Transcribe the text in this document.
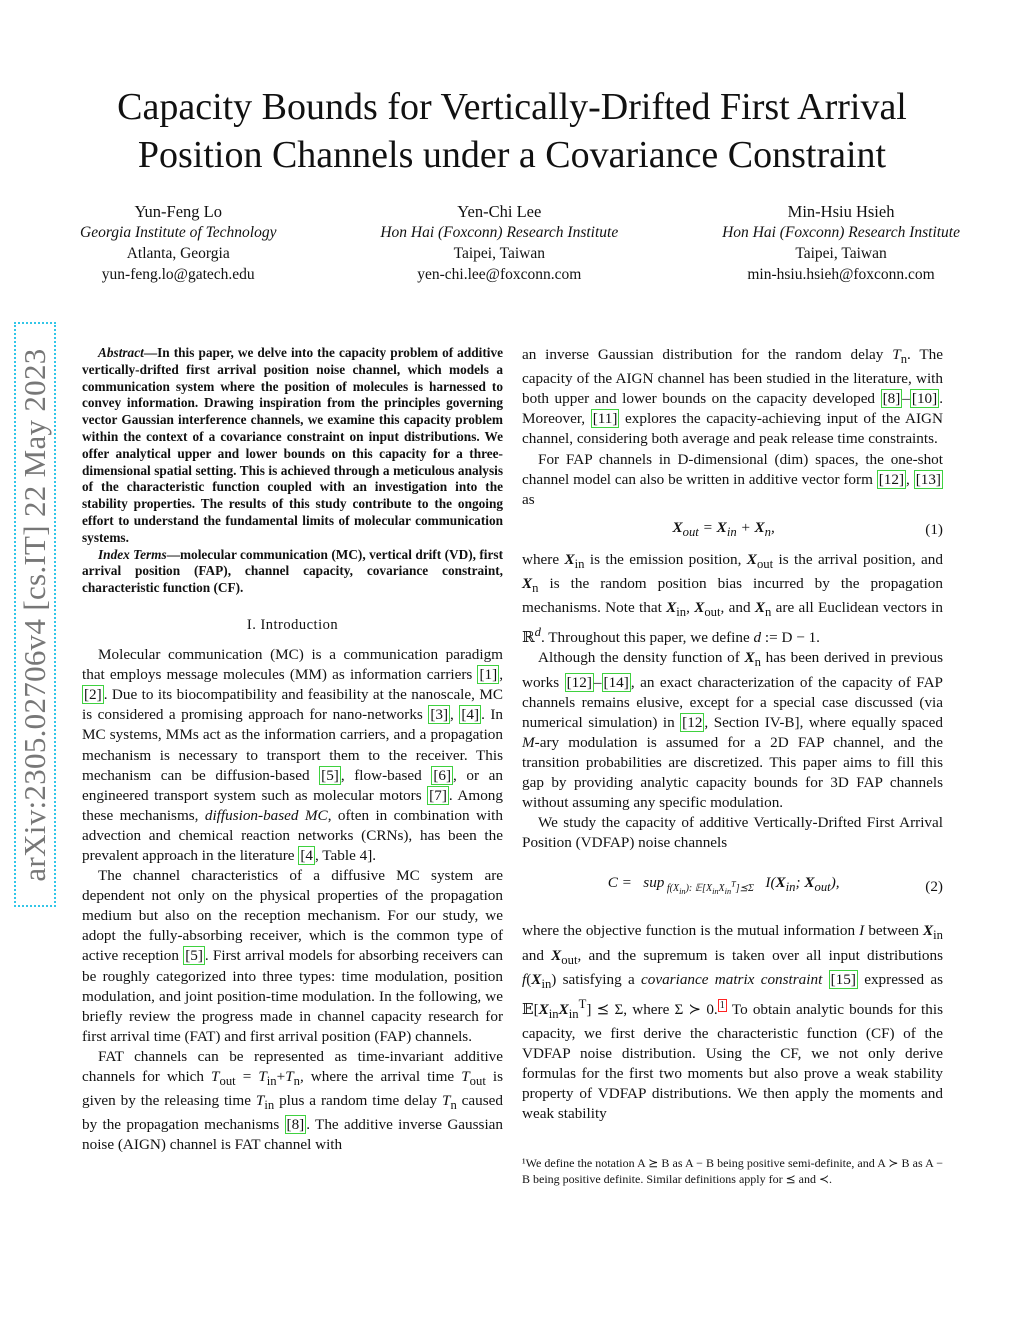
arXiv:2305.02706v4 [cs.IT] 22 May 2023
Capacity Bounds for Vertically-Drifted First Arrival
Position Channels under a Covariance Constraint
Yun-Feng Lo
Georgia Institute of Technology
Atlanta, Georgia
yun-feng.lo@gatech.edu
Yen-Chi Lee
Hon Hai (Foxconn) Research Institute
Taipei, Taiwan
yen-chi.lee@foxconn.com
Min-Hsiu Hsieh
Hon Hai (Foxconn) Research Institute
Taipei, Taiwan
min-hsiu.hsieh@foxconn.com

Abstract—In this paper, we delve into the capacity problem of additive vertically-drifted first arrival position noise channel, which models a communication system where the position of molecules is harnessed to convey information. Drawing inspiration from the principles governing vector Gaussian interference channels, we examine this capacity problem within the context of a covariance constraint on input distributions. We offer analytical upper and lower bounds on this capacity for a three-dimensional spatial setting. This is achieved through a meticulous analysis of the characteristic function coupled with an investigation into the stability properties. The results of this study contribute to the ongoing effort to understand the fundamental limits of molecular communication systems.

Index Terms—molecular communication (MC), vertical drift (VD), first arrival position (FAP), channel capacity, covariance constraint, characteristic function (CF).

I. Introduction

Molecular communication (MC) is a communication paradigm that employs message molecules (MM) as information carriers [1] , [2] . Due to its biocompatibility and feasibility at the nanoscale, MC is considered a promising approach for nano-networks [3] , [4] . In MC systems, MMs act as the information carriers, and a propagation mechanism is necessary to transport them to the receiver. This mechanism can be diffusion-based [5] , flow-based [6] , or an engineered transport system such as molecular motors [7] . Among these mechanisms, diffusion-based MC, often in combination with advection and chemical reaction networks (CRNs), has been the prevalent approach in the literature [4 , Table 4].

The channel characteristics of a diffusive MC system are dependent not only on the physical properties of the propagation medium but also on the reception mechanism. For our study, we adopt the fully-absorbing receiver, which is the common type of active reception [5] . First arrival models for absorbing receivers can be roughly categorized into three types: time modulation, position modulation, and joint position-time modulation. In the following, we briefly review the progress made in channel capacity research for first arrival time (FAT) and first arrival position (FAP) channels.

FAT channels can be represented as time-invariant additive channels for which $T_{out} = T_{in}+T_n$, where the arrival time $T_{out}$ is given by the releasing time $T_{in}$ plus a random time delay $T_n$ caused by the propagation mechanisms [8] . The additive inverse Gaussian noise (AIGN) channel is FAT channel with

an inverse Gaussian distribution for the random delay $T_n$. The capacity of the AIGN channel has been studied in the literature, with both upper and lower bounds on the capacity developed [8] – [10] . Moreover, [11] explores the capacity-achieving input of the AIGN channel, considering both average and peak release time constraints.

For FAP channels in D-dimensional (dim) spaces, the one-shot channel model can also be written in additive vector form [12] , [13] as

$X_{out} = X_{in} + X_n$,	(1)

where $X_{in}$ is the emission position, $X_{out}$ is the arrival position, and $X_n$ is the random position bias incurred by the propagation mechanisms. Note that $X_{in}$, $X_{out}$, and $X_n$ are all Euclidean vectors in ℝ$^d$. Throughout this paper, we define d := D − 1.

Although the density function of $X_n$ has been derived in previous works [12] – [14] , an exact characterization of the capacity of FAP channels remains elusive, except for a special case discussed (via numerical simulation) in [12 , Section IV-B], where equally spaced M-ary modulation is assumed for a 2D FAP channel, and the transition probabilities are discretized. This paper aims to fill this gap by providing analytic capacity bounds for 3D FAP channels without assuming any specific modulation.

We study the capacity of additive Vertically-Drifted First Arrival Position (VDFAP) noise channels

C =   sup $_{f(X_{in}): 𝔼[X_{in}X_{in}^T]⪯\Sigma}$ $I(X_{in}$; $X_{out}$),	(2)

where the objective function is the mutual information I between $X_{in}$ and $X_{out}$, and the supremum is taken over all input distributions $f(X_{in})$ satisfying a covariance matrix constraint [15] expressed as $𝔼[X_{in}X_{in}^T]$ ⪯ Σ, where Σ ≻ 0. $^1$ To obtain analytic bounds for this capacity, we first derive the characteristic function (CF) of the VDFAP noise distribution. Using the CF, we not only derive formulas for the first two moments but also prove a weak stability property of VDFAP distributions. We then apply the moments and weak stability

¹We define the notation A ⪰ B as A − B being positive semi-definite, and A ≻ B as A − B being positive definite. Similar definitions apply for ⪯ and ≺.
